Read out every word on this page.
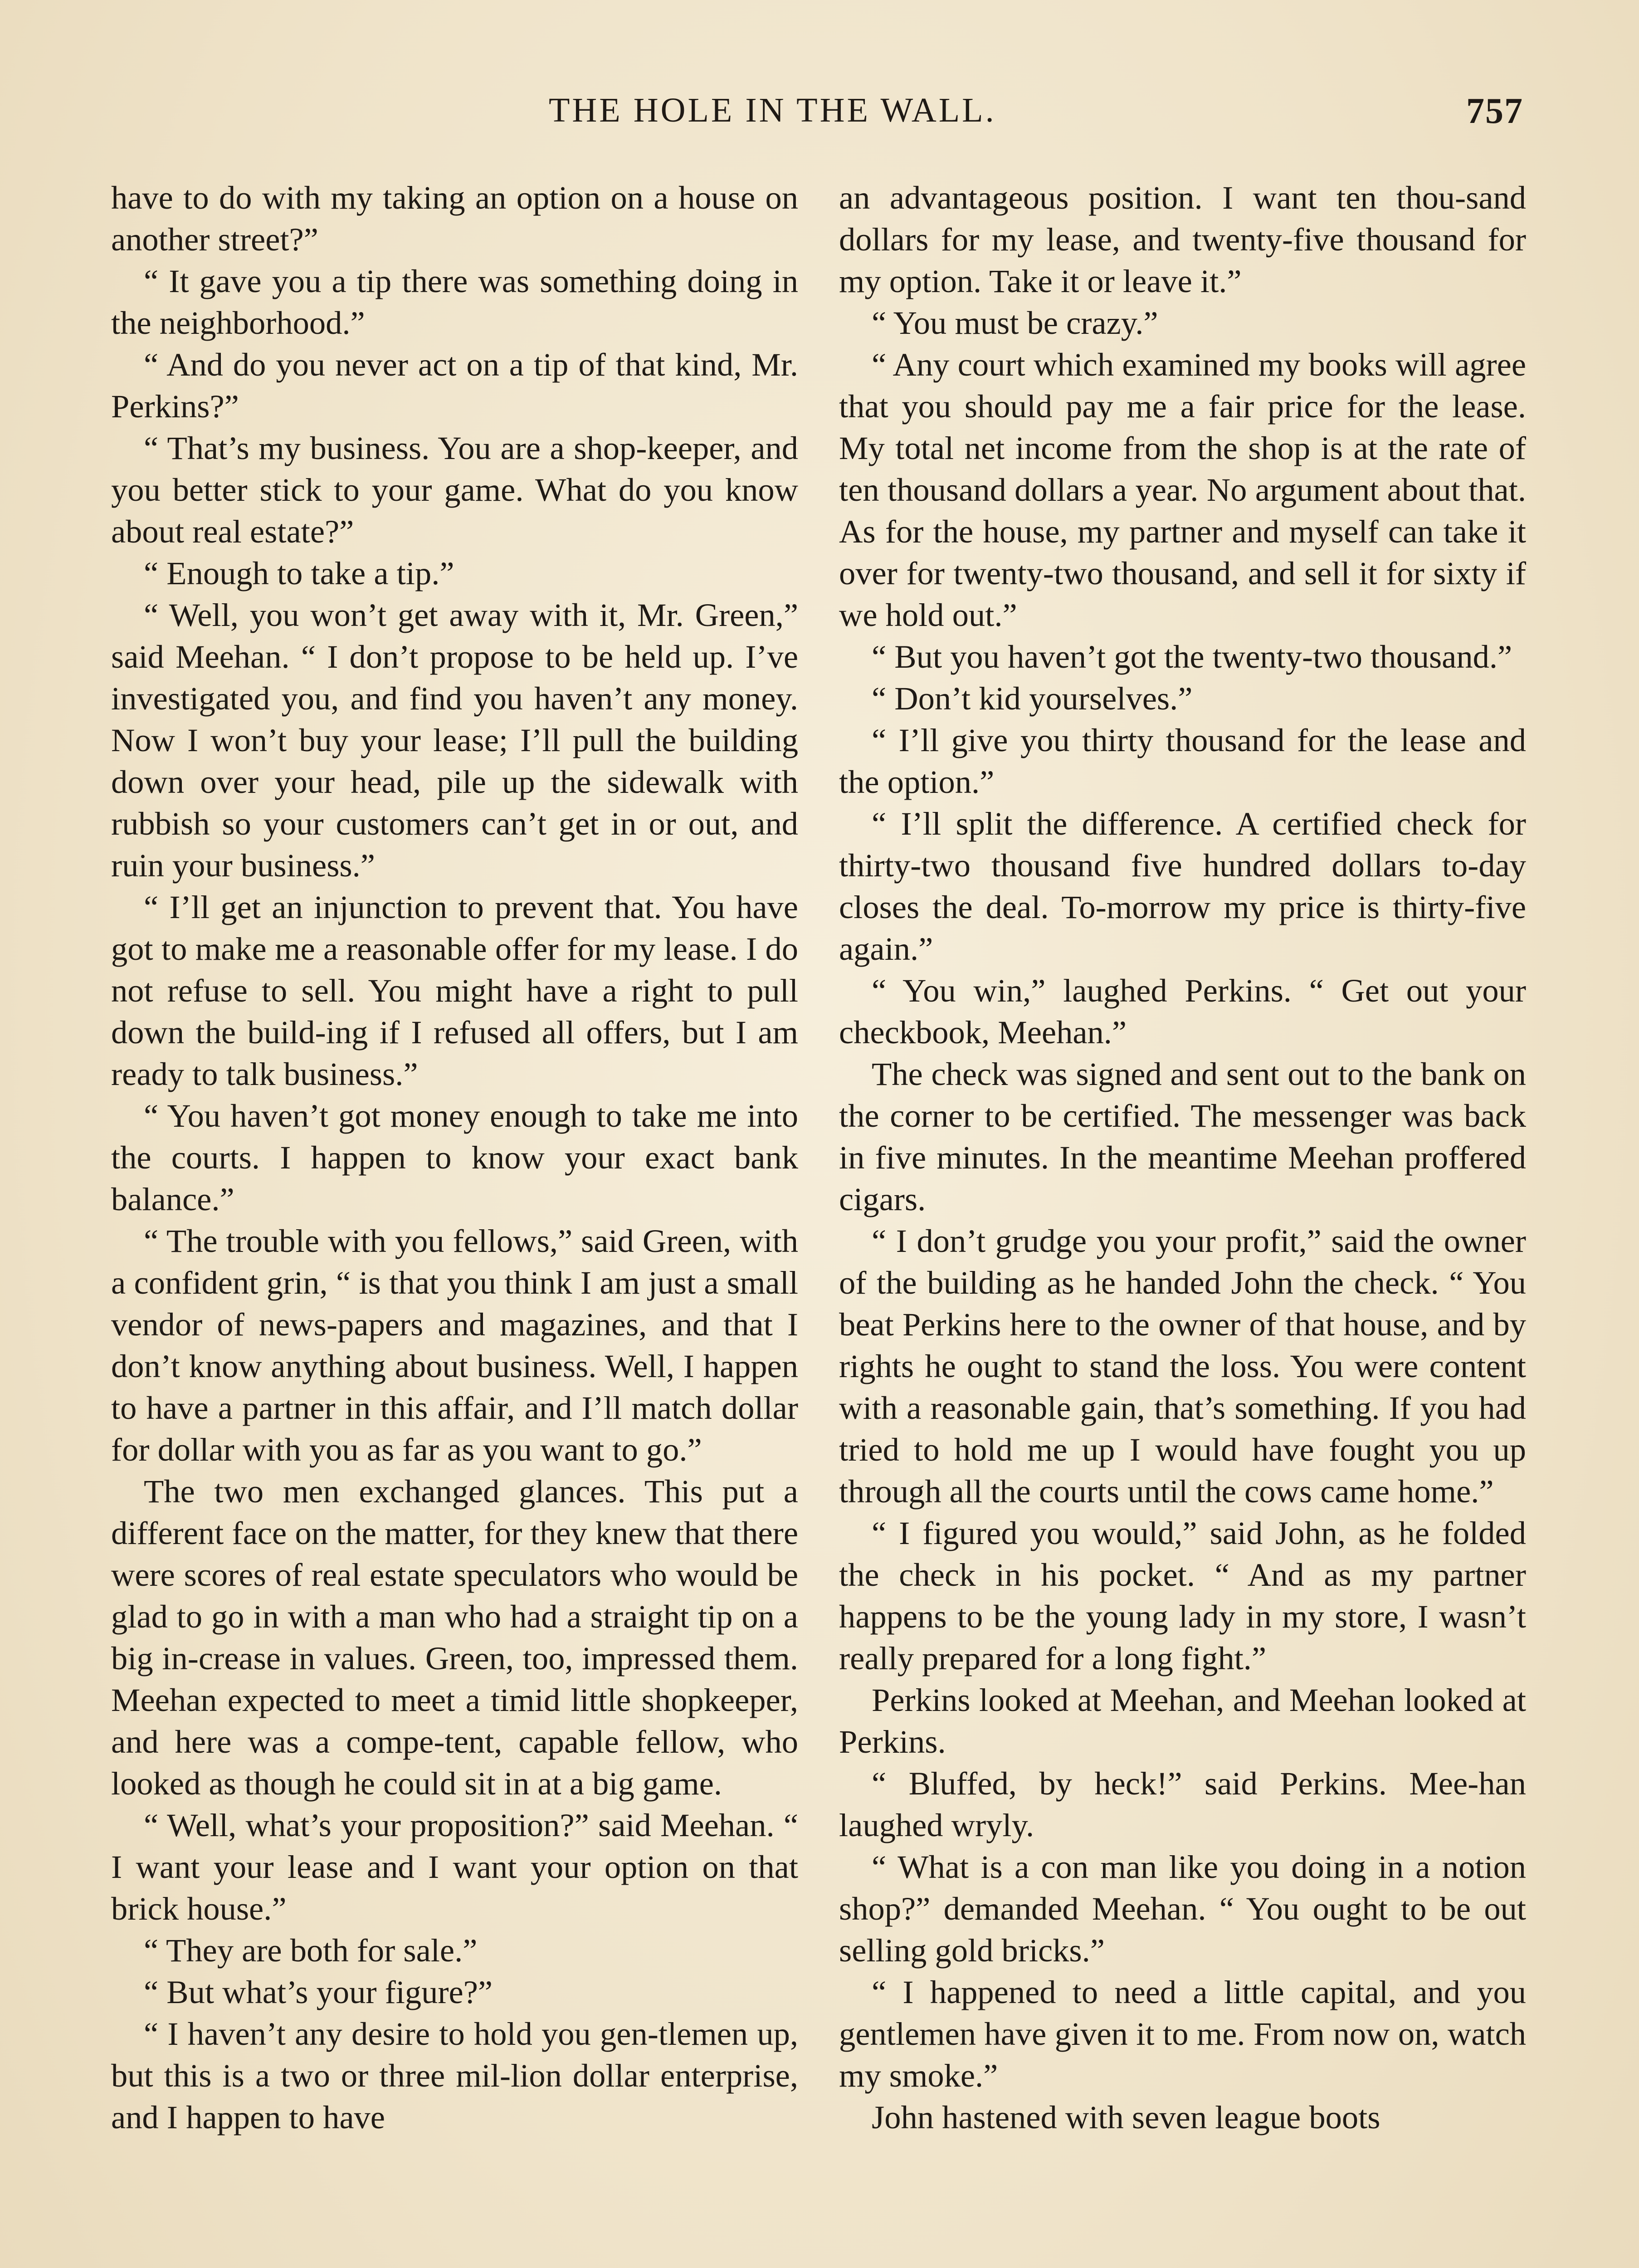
THE HOLE IN THE WALL.	757

have to do with my taking an option on a house on another street?”

“ It gave you a tip there was something doing in the neighborhood.”

“ And do you never act on a tip of that kind, Mr. Perkins?”

“ That’s my business. You are a shop-keeper, and you better stick to your game. What do you know about real estate?”

“ Enough to take a tip.”

“ Well, you won’t get away with it, Mr. Green,” said Meehan. “ I don’t propose to be held up. I’ve investigated you, and find you haven’t any money. Now I won’t buy your lease; I’ll pull the building down over your head, pile up the sidewalk with rubbish so your customers can’t get in or out, and ruin your business.”

“ I’ll get an injunction to prevent that. You have got to make me a reasonable offer for my lease. I do not refuse to sell. You might have a right to pull down the build-ing if I refused all offers, but I am ready to talk business.”

“ You haven’t got money enough to take me into the courts. I happen to know your exact bank balance.”

“ The trouble with you fellows,” said Green, with a confident grin, “ is that you think I am just a small vendor of news-papers and magazines, and that I don’t know anything about business. Well, I happen to have a partner in this affair, and I’ll match dollar for dollar with you as far as you want to go.”

The two men exchanged glances. This put a different face on the matter, for they knew that there were scores of real estate speculators who would be glad to go in with a man who had a straight tip on a big in-crease in values. Green, too, impressed them. Meehan expected to meet a timid little shopkeeper, and here was a compe-tent, capable fellow, who looked as though he could sit in at a big game.

“ Well, what’s your proposition?” said Meehan. “ I want your lease and I want your option on that brick house.”

“ They are both for sale.”

“ But what’s your figure?”

“ I haven’t any desire to hold you gen-tlemen up, but this is a two or three mil-lion dollar enterprise, and I happen to have

an advantageous position. I want ten thou-sand dollars for my lease, and twenty-five thousand for my option. Take it or leave it.”

“ You must be crazy.”

“ Any court which examined my books will agree that you should pay me a fair price for the lease. My total net income from the shop is at the rate of ten thousand dollars a year. No argument about that. As for the house, my partner and myself can take it over for twenty-two thousand, and sell it for sixty if we hold out.”

“ But you haven’t got the twenty-two thousand.”

“ Don’t kid yourselves.”

“ I’ll give you thirty thousand for the lease and the option.”

“ I’ll split the difference. A certified check for thirty-two thousand five hundred dollars to-day closes the deal. To-morrow my price is thirty-five again.”

“ You win,” laughed Perkins. “ Get out your checkbook, Meehan.”

The check was signed and sent out to the bank on the corner to be certified. The messenger was back in five minutes. In the meantime Meehan proffered cigars.

“ I don’t grudge you your profit,” said the owner of the building as he handed John the check. “ You beat Perkins here to the owner of that house, and by rights he ought to stand the loss. You were content with a reasonable gain, that’s something. If you had tried to hold me up I would have fought you up through all the courts until the cows came home.”

“ I figured you would,” said John, as he folded the check in his pocket. “ And as my partner happens to be the young lady in my store, I wasn’t really prepared for a long fight.”

Perkins looked at Meehan, and Meehan looked at Perkins.

“ Bluffed, by heck!” said Perkins. Mee-han laughed wryly.

“ What is a con man like you doing in a notion shop?” demanded Meehan. “ You ought to be out selling gold bricks.”

“ I happened to need a little capital, and you gentlemen have given it to me. From now on, watch my smoke.”

John hastened with seven league boots
